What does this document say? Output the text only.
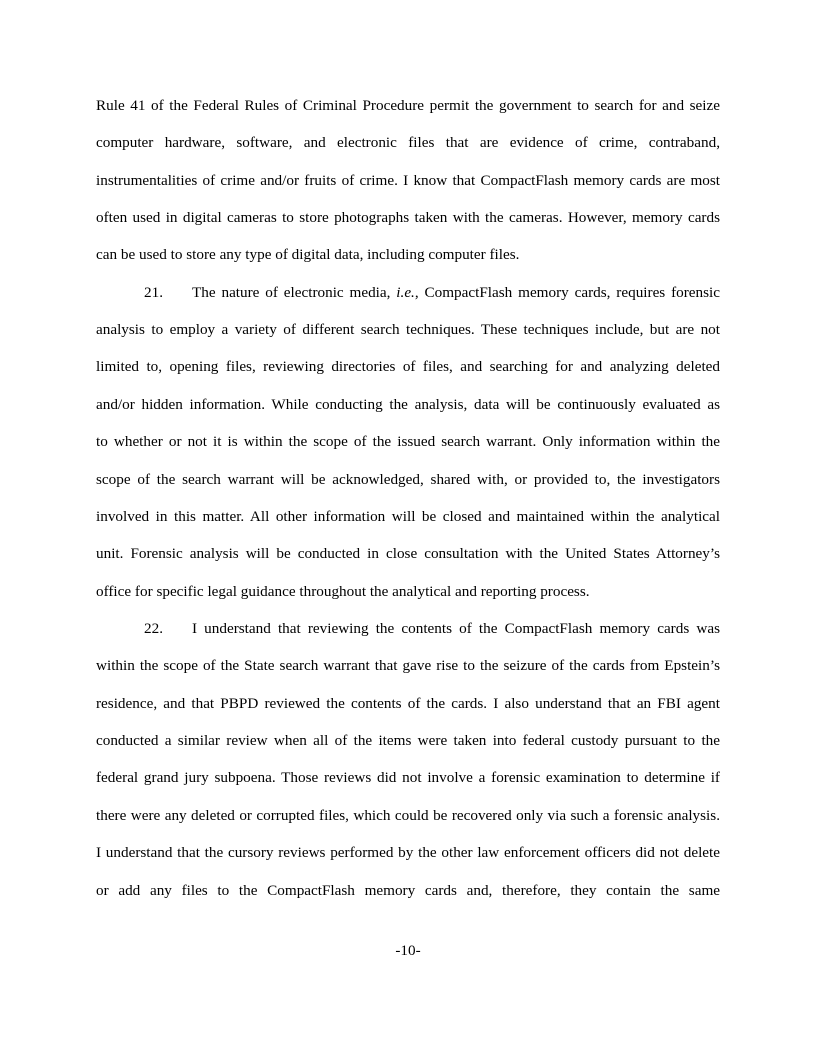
Rule 41 of the Federal Rules of Criminal Procedure permit the government to search for and seize
computer hardware, software, and electronic files that are evidence of crime, contraband,
instrumentalities of crime and/or fruits of crime. I know that CompactFlash memory cards are most
often used in digital cameras to store photographs taken with the cameras. However, memory cards
can be used to store any type of digital data, including computer files.
21. The nature of electronic media, i.e., CompactFlash memory cards, requires forensic
analysis to employ a variety of different search techniques. These techniques include, but are not
limited to, opening files, reviewing directories of files, and searching for and analyzing deleted
and/or hidden information. While conducting the analysis, data will be continuously evaluated as
to whether or not it is within the scope of the issued search warrant. Only information within the
scope of the search warrant will be acknowledged, shared with, or provided to, the investigators
involved in this matter. All other information will be closed and maintained within the analytical
unit. Forensic analysis will be conducted in close consultation with the United States Attorney’s
office for specific legal guidance throughout the analytical and reporting process.
22. I understand that reviewing the contents of the CompactFlash memory cards was
within the scope of the State search warrant that gave rise to the seizure of the cards from Epstein’s
residence, and that PBPD reviewed the contents of the cards. I also understand that an FBI agent
conducted a similar review when all of the items were taken into federal custody pursuant to the
federal grand jury subpoena. Those reviews did not involve a forensic examination to determine if
there were any deleted or corrupted files, which could be recovered only via such a forensic analysis.
I understand that the cursory reviews performed by the other law enforcement officers did not delete
or add any files to the CompactFlash memory cards and, therefore, they contain the same
-10-
